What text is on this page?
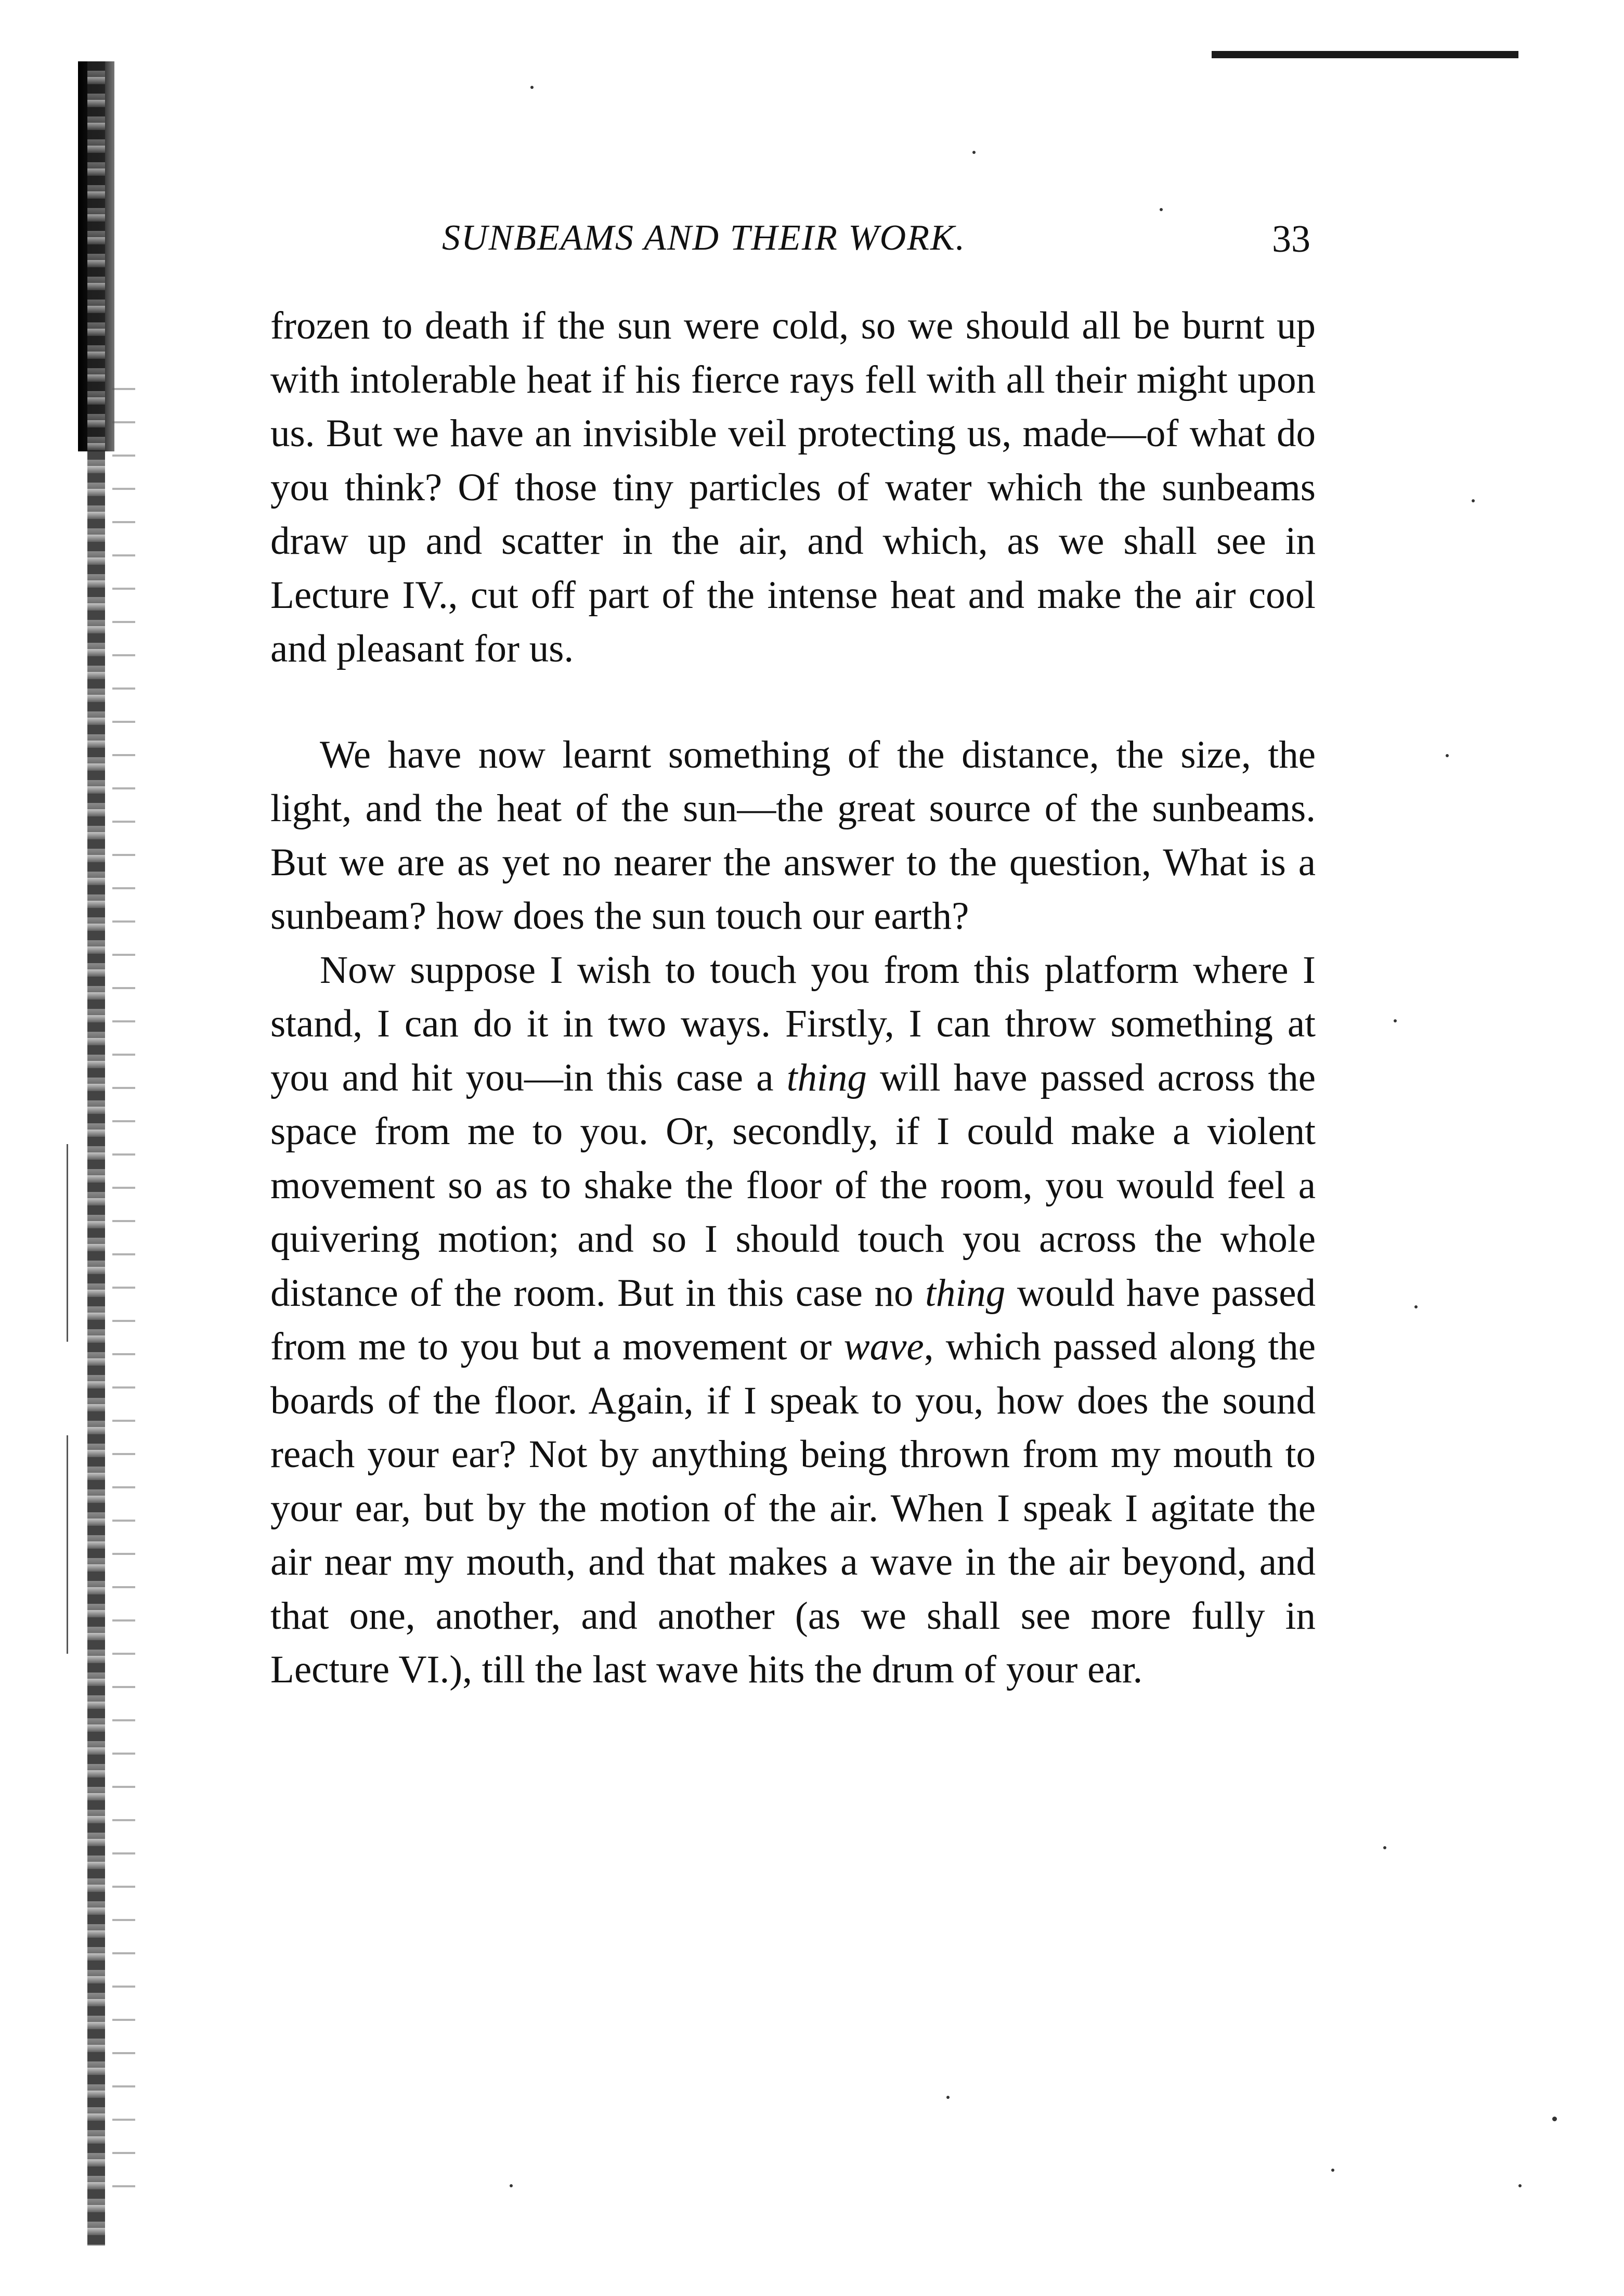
SUNBEAMS AND THEIR WORK.	33

frozen to death if the sun were cold, so we should all be burnt up with intolerable heat if his fierce rays fell with all their might upon us. But we have an invisible veil protecting us, made—of what do you think? Of those tiny particles of water which the sunbeams draw up and scatter in the air, and which, as we shall see in Lecture IV., cut off part of the intense heat and make the air cool and pleasant for us.

We have now learnt something of the distance, the size, the light, and the heat of the sun—the great source of the sunbeams. But we are as yet no nearer the answer to the question, What is a sunbeam? how does the sun touch our earth?

Now suppose I wish to touch you from this platform where I stand, I can do it in two ways. Firstly, I can throw something at you and hit you—in this case a thing will have passed across the space from me to you. Or, secondly, if I could make a violent movement so as to shake the floor of the room, you would feel a quivering motion; and so I should touch you across the whole distance of the room. But in this case no thing would have passed from me to you but a movement or wave, which passed along the boards of the floor. Again, if I speak to you, how does the sound reach your ear? Not by anything being thrown from my mouth to your ear, but by the motion of the air. When I speak I agitate the air near my mouth, and that makes a wave in the air beyond, and that one, another, and another (as we shall see more fully in Lecture VI.), till the last wave hits the drum of your ear.
